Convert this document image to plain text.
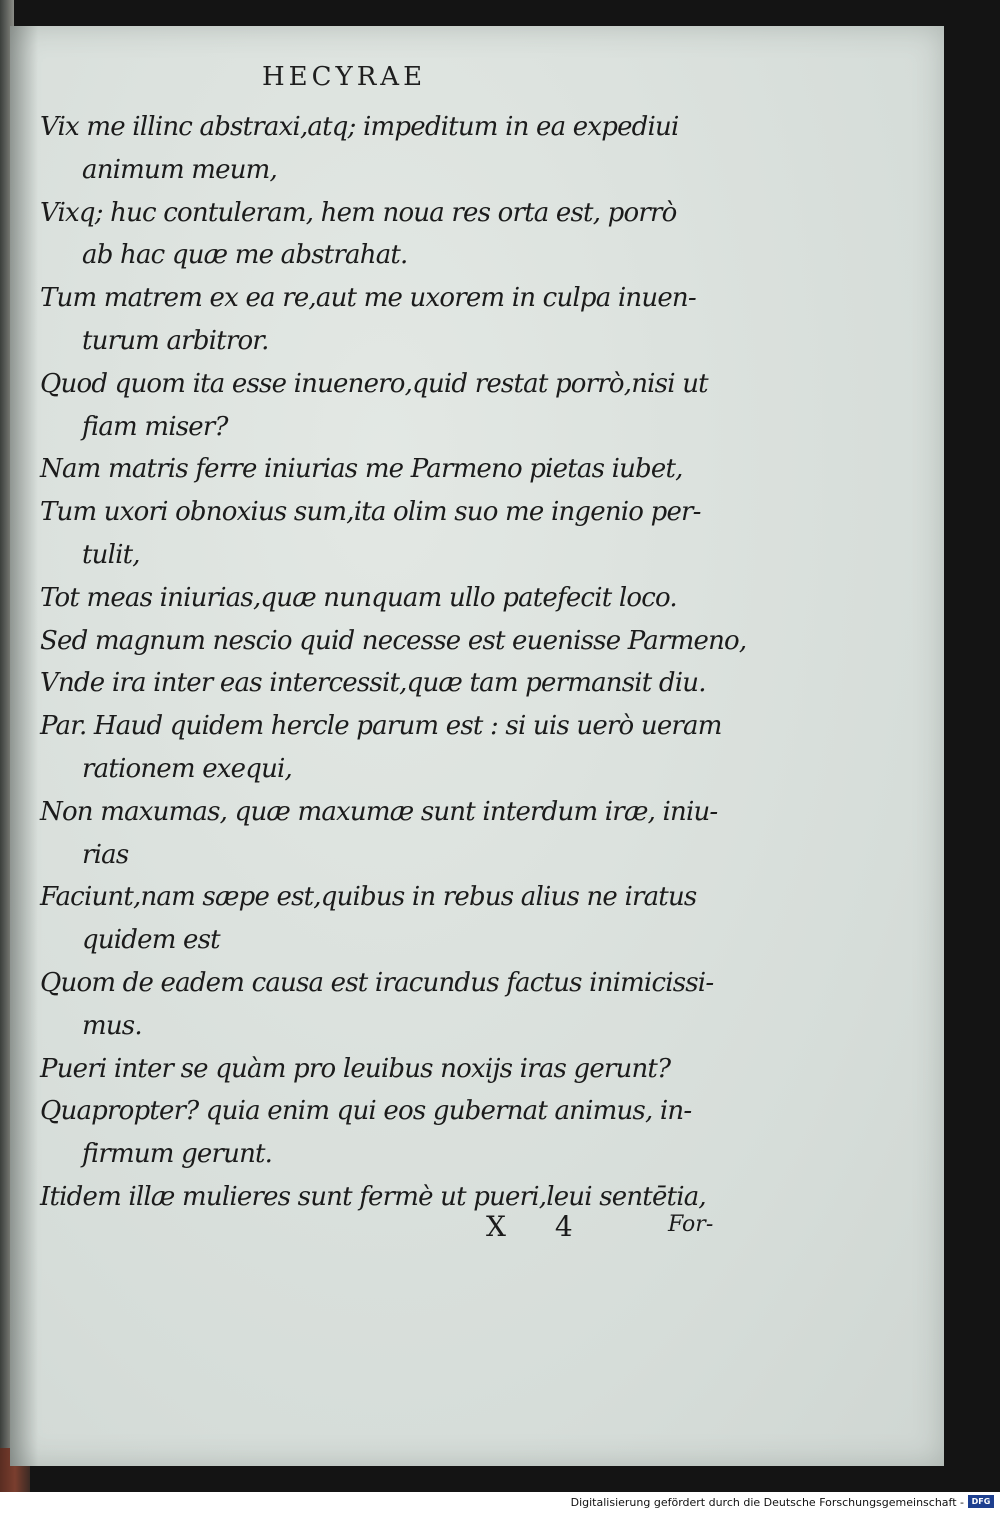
HECYRAE
Vix me illinc abstraxi,atq; impeditum in ea expediui
animum meum,
Vixq; huc contuleram, hem noua res orta est, porrò
ab hac quæ me abstrahat.
Tum matrem ex ea re,aut me uxorem in culpa inuen-
turum arbitror.
Quod quom ita esse inuenero,quid restat porrò,nisi ut
fiam miser?
Nam matris ferre iniurias me Parmeno pietas iubet,
Tum uxori obnoxius sum,ita olim suo me ingenio per-
tulit,
Tot meas iniurias,quæ nunquam ullo patefecit loco.
Sed magnum nescio quid necesse est euenisse Parmeno,
Vnde ira inter eas intercessit,quæ tam permansit diu.
Par. Haud quidem hercle parum est : si uis uerò ueram
rationem exequi,
Non maxumas, quæ maxumæ sunt interdum iræ, iniu-
rias
Faciunt,nam sæpe est,quibus in rebus alius ne iratus
quidem est
Quom de eadem causa est iracundus factus inimicissi-
mus.
Pueri inter se quàm pro leuibus noxijs iras gerunt?
Quapropter? quia enim qui eos gubernat animus, in-
firmum gerunt.
Itidem illæ mulieres sunt fermè ut pueri,leui sentētia,
X 4	For-
Digitalisierung gefördert durch die Deutsche Forschungsgemeinschaft - DFG
